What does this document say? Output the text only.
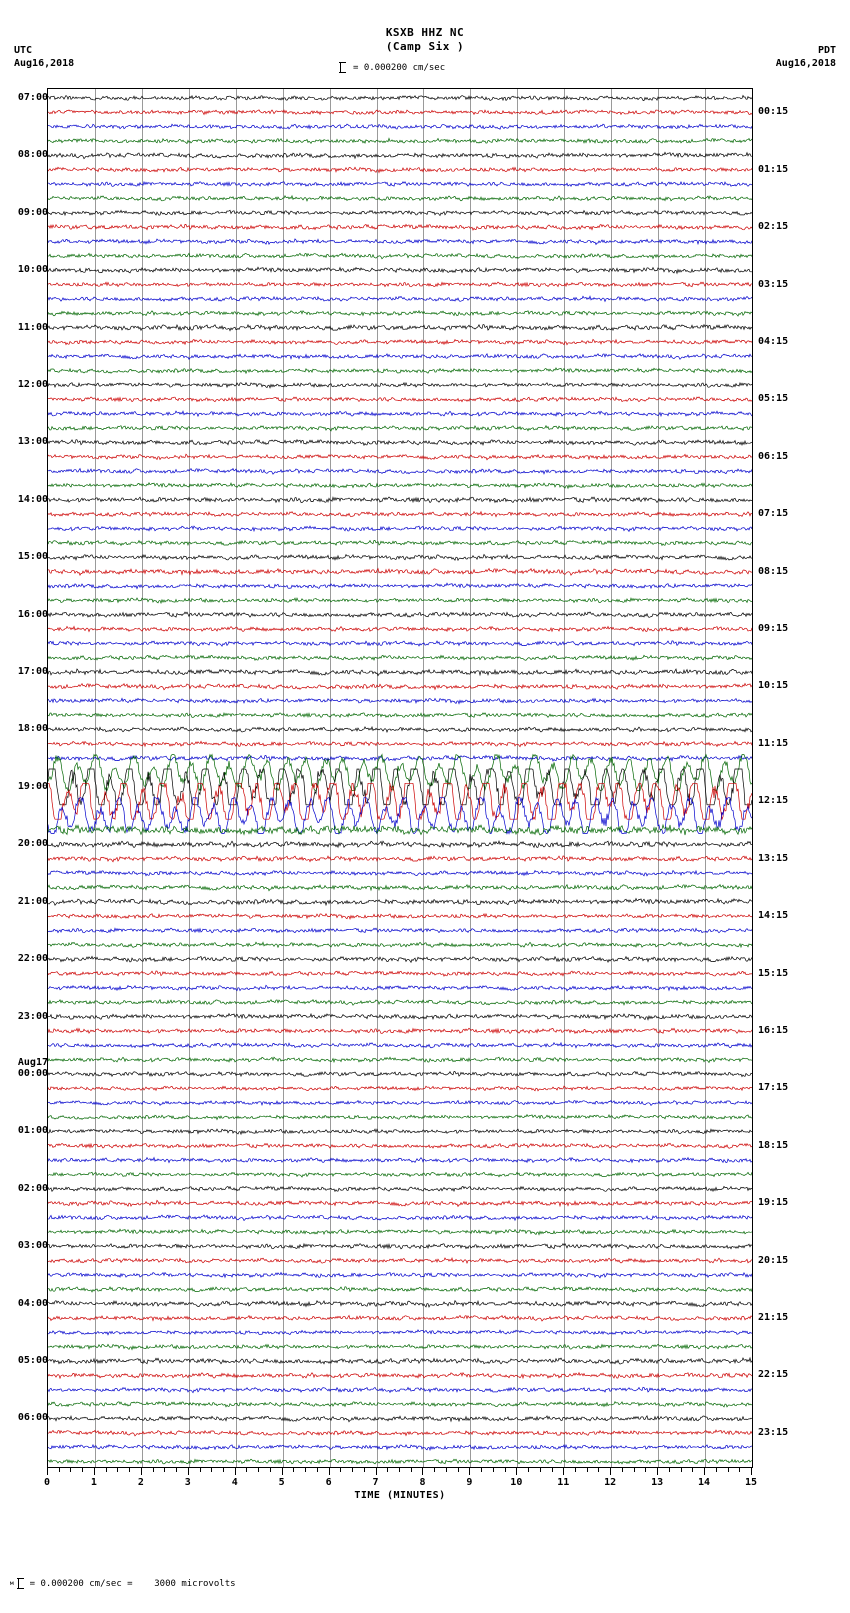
KSXB HHZ NC
(Camp Six )
UTC
Aug16,2018
PDT
Aug16,2018
= 0.000200 cm/sec
07:00
08:00
09:00
10:00
11:00
12:00
13:00
14:00
15:00
16:00
17:00
18:00
19:00
20:00
21:00
22:00
23:00
Aug17
00:00
01:00
02:00
03:00
04:00
05:00
06:00
00:15
01:15
02:15
03:15
04:15
05:15
06:15
07:15
08:15
09:15
10:15
11:15
12:15
13:15
14:15
15:15
16:15
17:15
18:15
19:15
20:15
21:15
22:15
23:15
TIME (MINUTES)
0	1	2	3	4	5	6	7	8	9	10	11	12	13	14	15
м = 0.000200 cm/sec =    3000 microvolts
